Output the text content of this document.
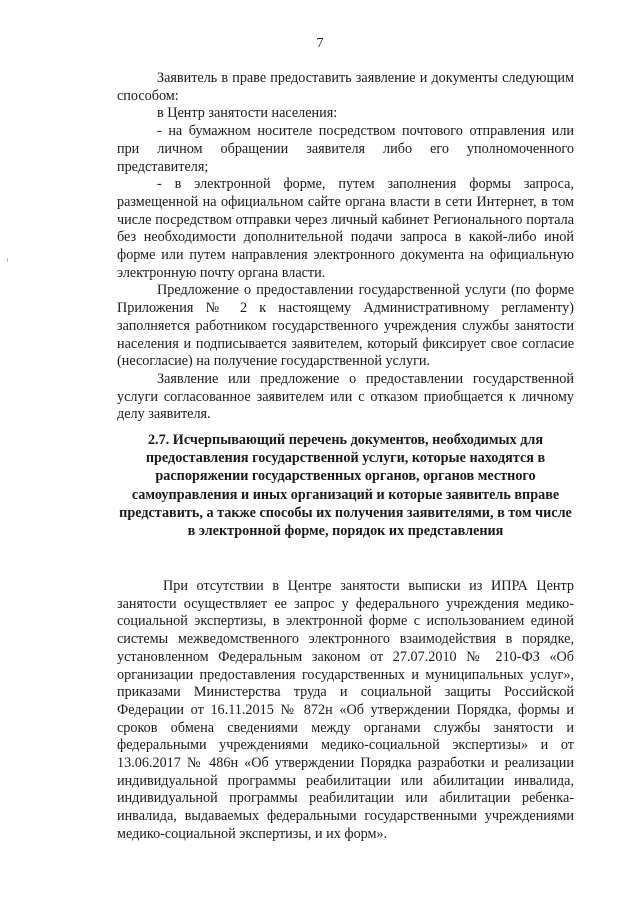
7

Заявитель в праве предоставить заявление и документы следующим способом:

в Центр занятости населения:

- на бумажном носителе посредством почтового отправления или при личном обращении заявителя либо его уполномоченного представителя;

- в электронной форме, путем заполнения формы запроса, размещенной на официальном сайте органа власти в сети Интернет, в том числе посредством отправки через личный кабинет Регионального портала без необходимости дополнительной подачи запроса в какой-либо иной форме или путем направления электронного документа на официальную электронную почту органа власти.

Предложение о предоставлении государственной услуги (по форме Приложения № 2 к настоящему Административному регламенту) заполняется работником государственного учреждения службы занятости населения и подписывается заявителем, который фиксирует свое согласие (несогласие) на получение государственной услуги.

Заявление или предложение о предоставлении государственной услуги согласованное заявителем или с отказом приобщается к личному делу заявителя.

2.7. Исчерпывающий перечень документов, необходимых для предоставления государственной услуги, которые находятся в распоряжении государственных органов, органов местного самоуправления и иных организаций и которые заявитель вправе представить, а также способы их получения заявителями, в том числе в электронной форме, порядок их представления

При отсутствии в Центре занятости выписки из ИПРА Центр занятости осуществляет ее запрос у федерального учреждения медико-социальной экспертизы, в электронной форме с использованием единой системы межведомственного электронного взаимодействия в порядке, установленном Федеральным законом от 27.07.2010 № 210-ФЗ «Об организации предоставления государственных и муниципальных услуг», приказами Министерства труда и социальной защиты Российской Федерации от 16.11.2015 № 872н «Об утверждении Порядка, формы и сроков обмена сведениями между органами службы занятости и федеральными учреждениями медико-социальной экспертизы» и от 13.06.2017 № 486н «Об утверждении Порядка разработки и реализации индивидуальной программы реабилитации или абилитации инвалида, индивидуальной программы реабилитации или абилитации ребенка-инвалида, выдаваемых федеральными государственными учреждениями медико-социальной экспертизы, и их форм».
